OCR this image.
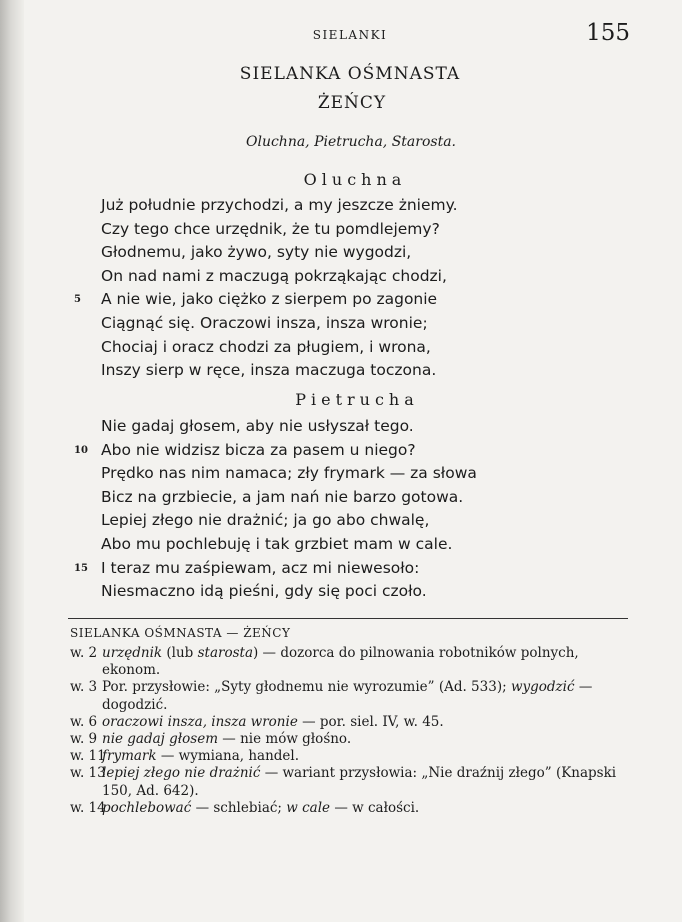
SIELANKI	155
SIELANKA OŚMNASTA
ŻEŃCY
Oluchna, Pietrucha, Starosta.
Oluchna
Już południe przychodzi, a my jeszcze żniemy.
Czy tego chce urzędnik, że tu pomdlejemy?
Głodnemu, jako żywo, syty nie wygodzi,
On nad nami z maczugą pokrząkając chodzi,
5 A nie wie, jako ciężko z sierpem po zagonie
Ciągnąć się. Oraczowi insza, insza wronie;
Chociaj i oracz chodzi za pługiem, i wrona,
Inszy sierp w ręce, insza maczuga toczona.
Pietrucha
Nie gadaj głosem, aby nie usłyszał tego.
10 Abo nie widzisz bicza za pasem u niego?
Prędko nas nim namaca; zły frymark — za słowa
Bicz na grzbiecie, a jam nań nie barzo gotowa.
Lepiej złego nie drażnić; ja go abo chwalę,
Abo mu pochlebuję i tak grzbiet mam w cale.
15 I teraz mu zaśpiewam, acz mi niewesoło:
Niesmaczno idą pieśni, gdy się poci czoło.
SIELANKA OŚMNASTA — ŻEŃCY
w. 2 urzędnik (lub starosta) — dozorca do pilnowania robotników polnych, ekonom.
w. 3 Por. przysłowie: „Syty głodnemu nie wyrozumie” (Ad. 533); wygodzić — dogodzić.
w. 6 oraczowi insza, insza wronie — por. siel. IV, w. 45.
w. 9 nie gadaj głosem — nie mów głośno.
w. 11
frymark — wymiana, handel.
w. 13
lepiej złego nie drażnić — wariant przysłowia: „Nie draźnij złego” (Knapski 150, Ad. 642).
w. 14
pochlebować — schlebiać; w cale — w całości.
